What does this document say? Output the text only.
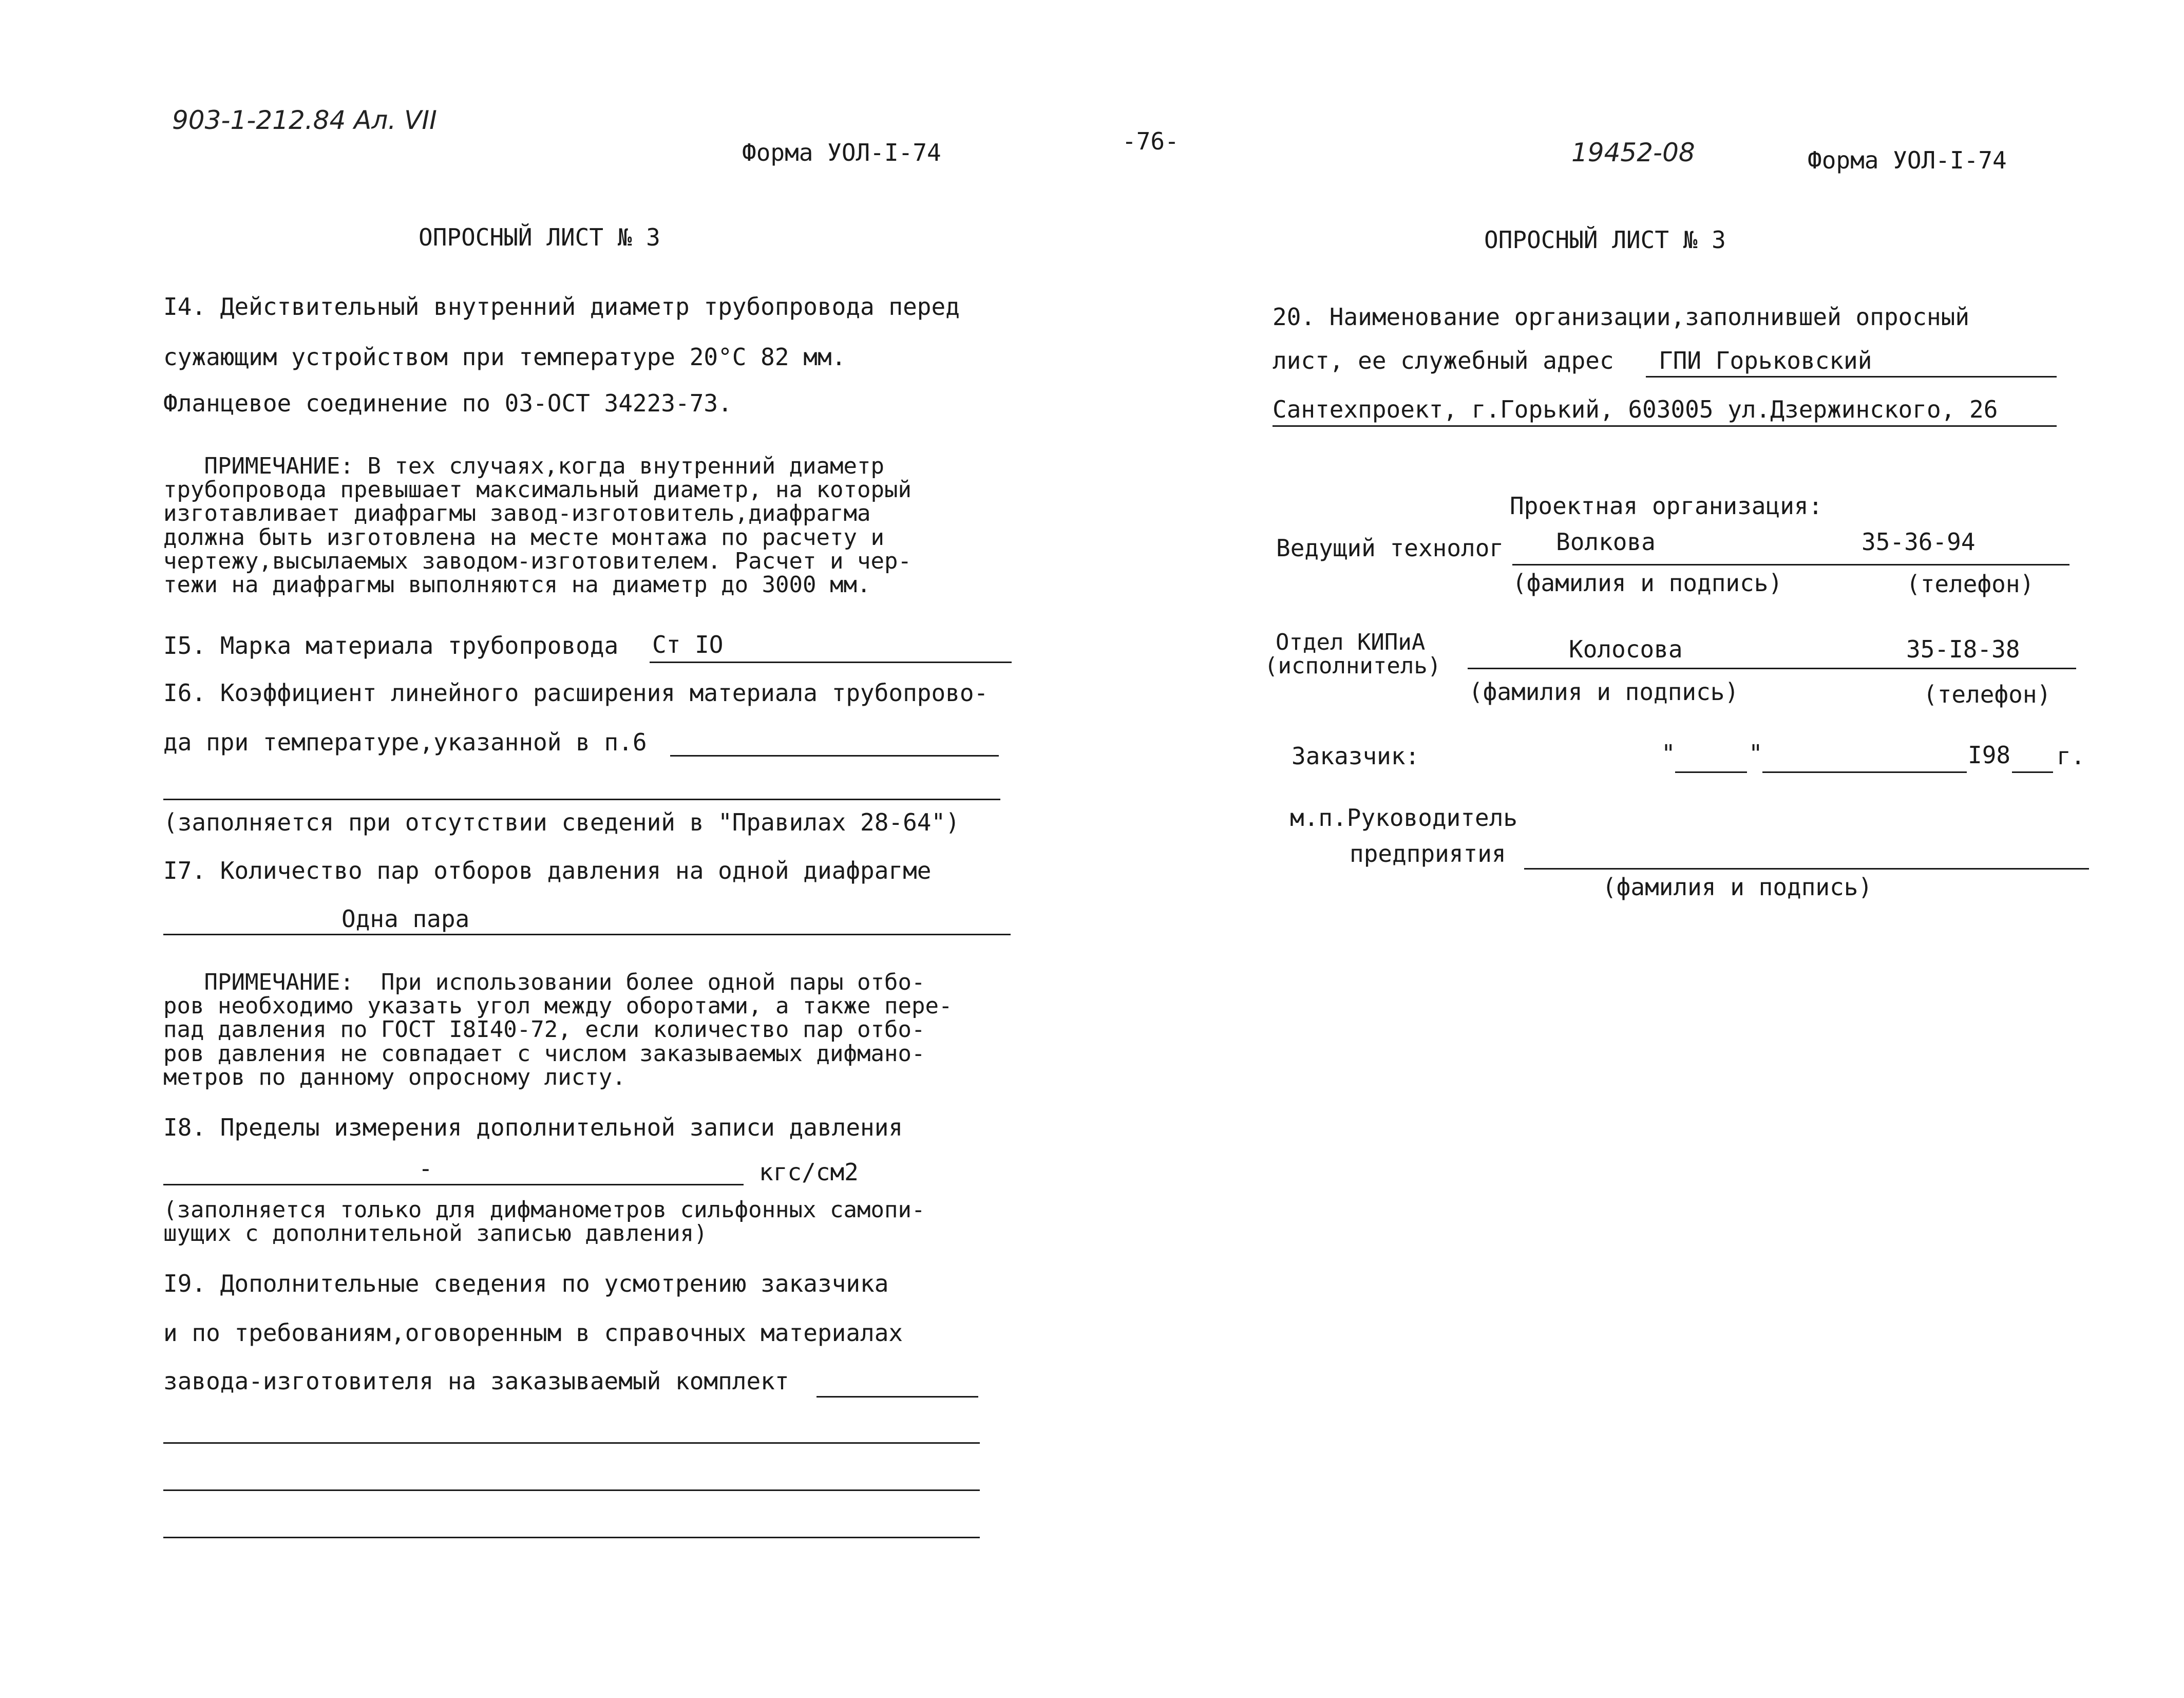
903-1-212.84 Ал. VII
Форма УОЛ-I-74
ОПРОСНЫЙ ЛИСТ № 3
I4. Действительный внутренний диаметр трубопровода перед
сужающим устройством при температуре 20°С 82 мм.
Фланцевое соединение по 03-ОСТ 34223-73.
ПРИМЕЧАНИЕ: В тех случаях,когда внутренний диаметр
трубопровода превышает максимальный диаметр, на который
изготавливает диафрагмы завод-изготовитель,диафрагма
должна быть изготовлена на месте монтажа по расчету и
чертежу,высылаемых заводом-изготовителем. Расчет и чер-
тежи на диафрагмы выполняются на диаметр до 3000 мм.
I5. Марка материала трубопровода Ст IО
I6. Коэффициент линейного расширения материала трубопрово-
да при температуре,указанной в п.6
(заполняется при отсутствии сведений в "Правилах 28-64")
I7. Количество пар отборов давления на одной диафрагме
Одна пара
ПРИМЕЧАНИЕ:  При использовании более одной пары отбо-
ров необходимо указать угол между оборотами, а также пере-
пад давления по ГОСТ I8I40-72, если количество пар отбо-
ров давления не совпадает с числом заказываемых дифмано-
метров по данному опросному листу.
I8. Пределы измерения дополнительной записи давления
-	кгс/см2
(заполняется только для дифманометров сильфонных самопи-
шущих с дополнительной записью давления)
I9. Дополнительные сведения по усмотрению заказчика
и по требованиям,оговоренным в справочных материалах
завода-изготовителя на заказываемый комплект
-76-	19452-08	Форма УОЛ-I-74
ОПРОСНЫЙ ЛИСТ № 3
20. Наименование организации,заполнившей опросный
лист, ее служебный адрес ГПИ Горьковский
Сантехпроект, г.Горький, 603005 ул.Дзержинского, 26
Проектная организация:
Ведущий технолог Волкова	35-36-94
(фамилия и подпись)	(телефон)
Отдел КИПиА
(исполнитель)
Колосова	35-I8-38
(фамилия и подпись)	(телефон)
Заказчик:	"	"	I98 г.
м.п.Руководитель
предприятия
(фамилия и подпись)
